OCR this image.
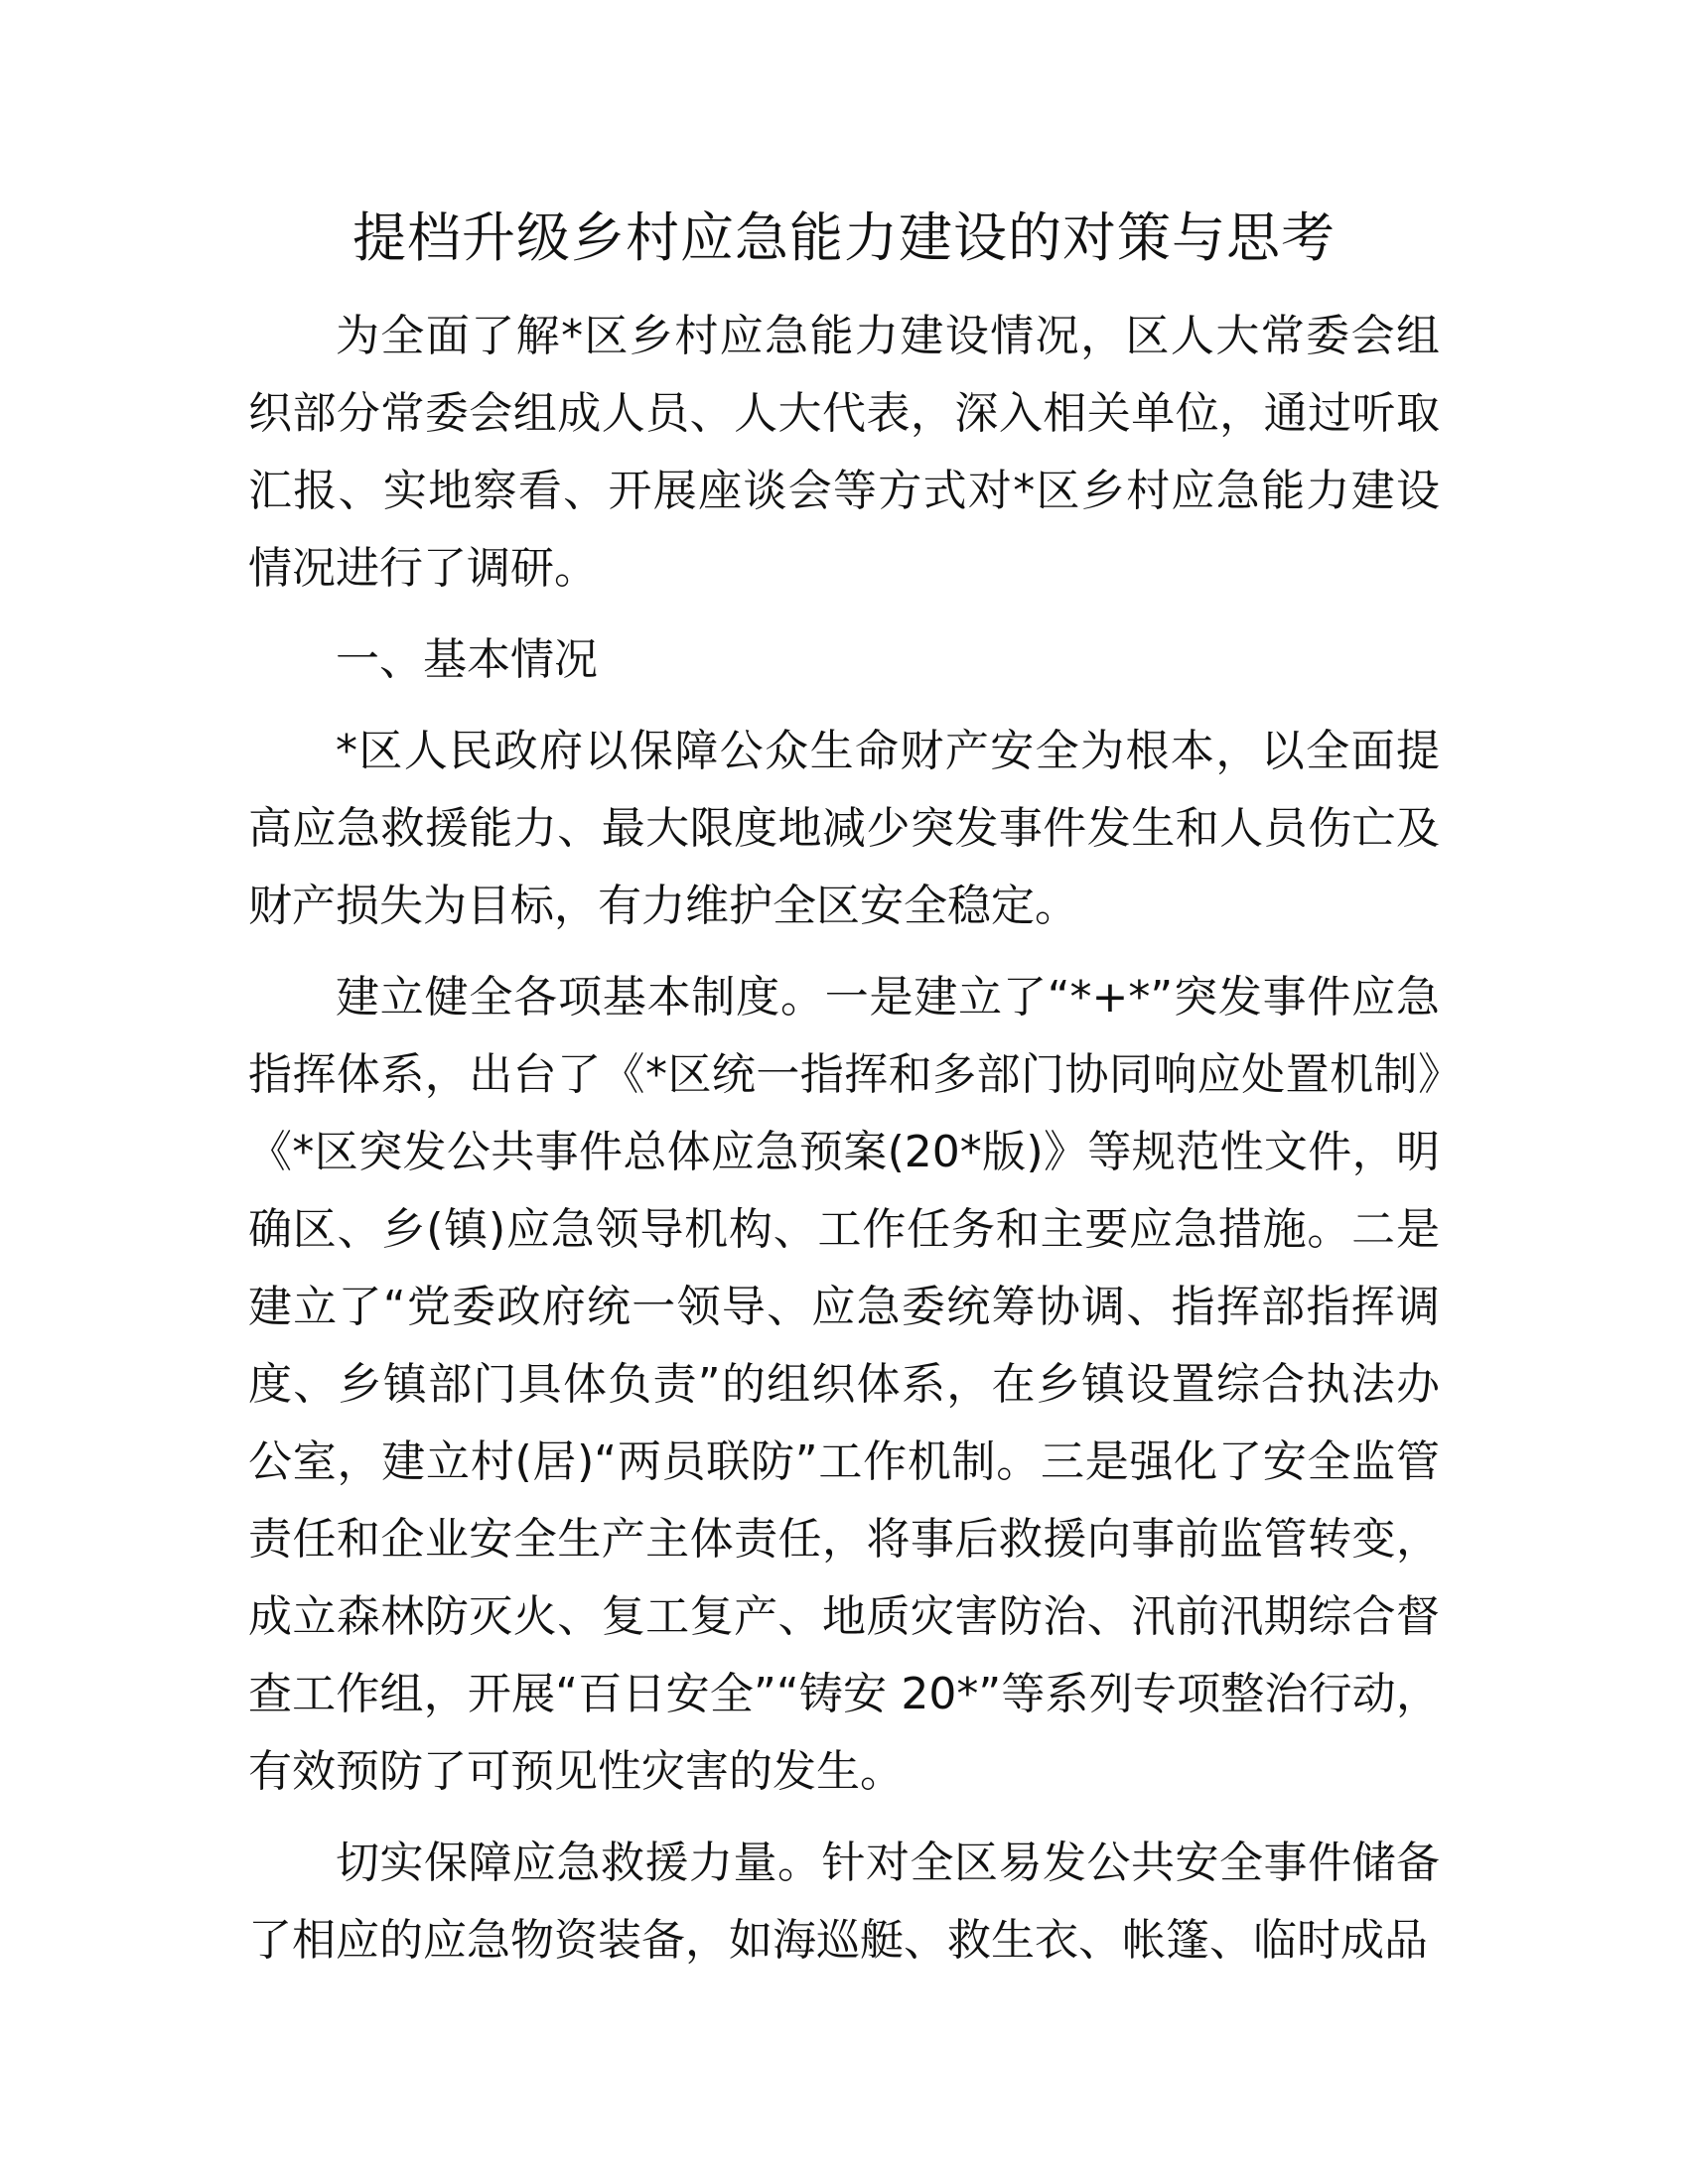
提档升级乡村应急能力建设的对策与思考

为全面了解*区乡村应急能力建设情况，区人大常委会组织部分常委会组成人员、人大代表，深入相关单位，通过听取汇报、实地察看、开展座谈会等方式对*区乡村应急能力建设情况进行了调研。

一、基本情况

*区人民政府以保障公众生命财产安全为根本，以全面提高应急救援能力、最大限度地减少突发事件发生和人员伤亡及财产损失为目标，有力维护全区安全稳定。

建立健全各项基本制度。一是建立了“*+*”突发事件应急指挥体系，出台了《*区统一指挥和多部门协同响应处置机制》《*区突发公共事件总体应急预案(20*版)》等规范性文件，明确区、乡(镇)应急领导机构、工作任务和主要应急措施。二是建立了“党委政府统一领导、应急委统筹协调、指挥部指挥调度、乡镇部门具体负责”的组织体系，在乡镇设置综合执法办公室，建立村(居)“两员联防”工作机制。三是强化了安全监管责任和企业安全生产主体责任，将事后救援向事前监管转变，成立森林防灭火、复工复产、地质灾害防治、汛前汛期综合督查工作组，开展“百日安全”“铸安 20*”等系列专项整治行动，有效预防了可预见性灾害的发生。

切实保障应急救援力量。针对全区易发公共安全事件储备了相应的应急物资装备，如海巡艇、救生衣、帐篷、临时成品
